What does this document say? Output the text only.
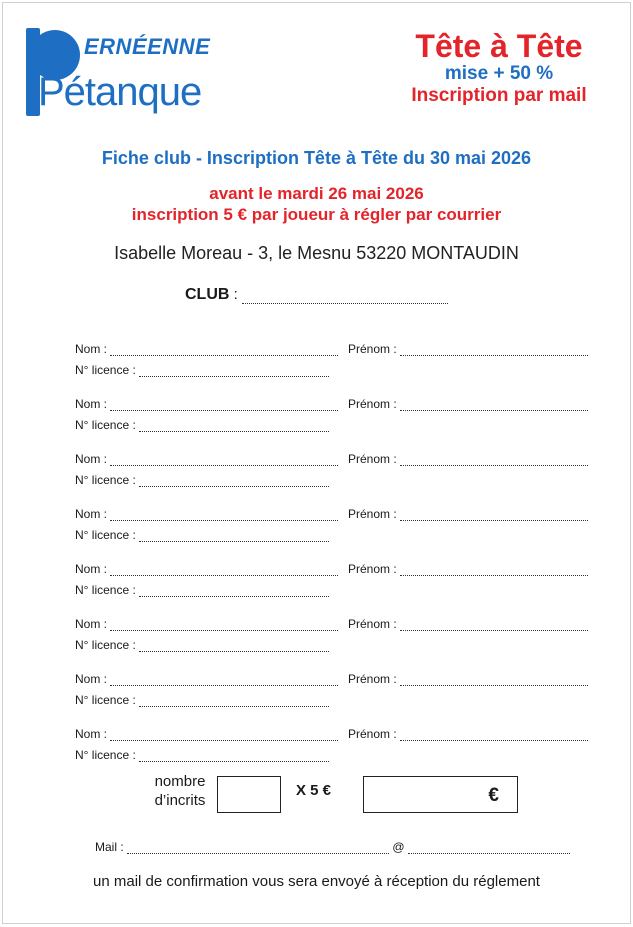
ERNÉENNE
Pétanque
Tête à Tête
mise + 50 %
Inscription par mail
Fiche club - Inscription Tête à Tête du 30 mai 2026
avant le mardi 26 mai 2026
inscription 5 € par joueur à régler par courrier
Isabelle Moreau - 3, le Mesnu 53220 MONTAUDIN
CLUB :
Nom :	Prénom :
N° licence :
Nom :	Prénom :
N° licence :
Nom :	Prénom :
N° licence :
Nom :	Prénom :
N° licence :
Nom :	Prénom :
N° licence :
Nom :	Prénom :
N° licence :
Nom :	Prénom :
N° licence :
Nom :	Prénom :
N° licence :
nombre
d’incrits
X 5 €	€
Mail :	@
un mail de confirmation vous sera envoyé à réception du réglement
